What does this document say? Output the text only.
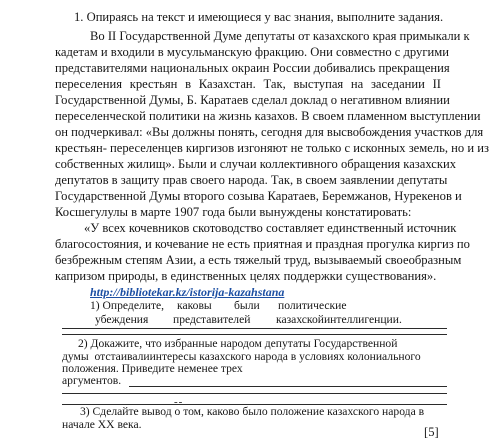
1. Опираясь на текст и имеющиеся у вас знания, выполните задания.
Во II Государственной Думе депутаты от казахского края примыкали к
кадетам и входили в мусульманскую фракцию. Они совместно с другими
представителями национальных окраин России добивались прекращения
переселения крестьян в Казахстан. Так, выступая на заседании II
Государственной Думы, Б. Каратаев сделал доклад о негативном влиянии
переселенческой политики на жизнь казахов. В своем пламенном выступлении
он подчеркивал: «Вы должны понять, сегодня для высвобождения участков для
крестьян- переселенцев киргизов изгоняют не только с исконных земель, но и из
собственных жилищ». Были и случаи коллективного обращения казахских
депутатов в защиту прав своего народа. Так, в своем заявлении депутаты
Государственной Думы второго созыва Каратаев, Беремжанов, Нурекенов и
Косшегулулы в марте 1907 года были вынуждены констатировать:
«У всех кочевников скотоводство составляет единственный источник
благосостояния, и кочевание не есть приятная и праздная прогулка киргиз по
безбрежным степям Азии, а есть тяжелый труд, вызываемый своеобразным
капризом природы, в единственных целях поддержки существования».
http://bibliotekar.kz/istorija-kazahstana
1) Определите, каковы были политические
убеждения представителей казахскойинтеллигенции.
2) Докажите, что избранные народом депутаты Государственной
думы  отстаивалиинтересы казахского народа в условиях колониального
положения. Приведите неменее трех
аргументов.
--
3) Сделайте вывод о том, каково было положение казахского народа в
начале XX века.
[5]
